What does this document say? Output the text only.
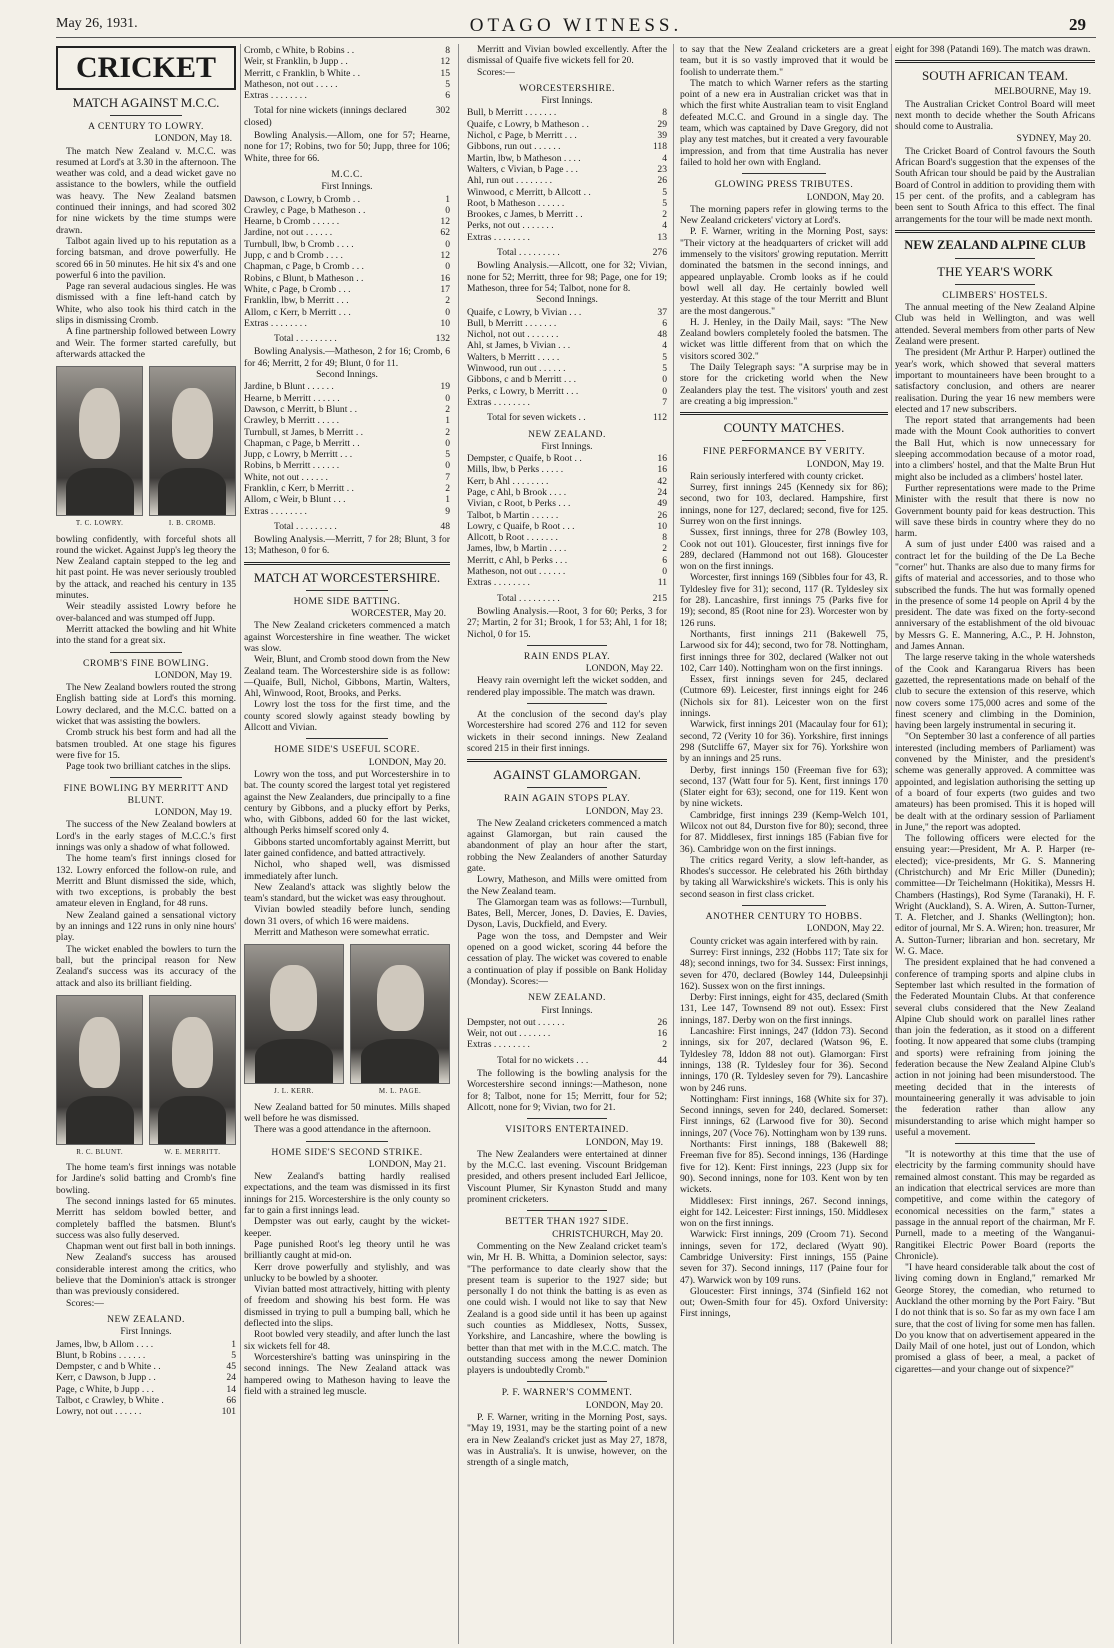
May 26, 1931.	OTAGO WITNESS.	29
CRICKET
MATCH AGAINST M.C.C.
A CENTURY TO LOWRY.
LONDON, May 18.

The match New Zealand v. M.C.C. was resumed at Lord's at 3.30 in the afternoon. The weather was cold, and a dead wicket gave no assistance to the bowlers, while the outfield was heavy. The New Zealand batsmen continued their innings, and had scored 302 for nine wickets by the time stumps were drawn.

Talbot again lived up to his reputation as a forcing batsman, and drove powerfully. He scored 66 in 50 minutes. He hit six 4's and one powerful 6 into the pavilion.

Page ran several audacious singles. He was dismissed with a fine left-hand catch by White, who also took his third catch in the slips in dismissing Cromb.

A fine partnership followed between Lowry and Weir. The former started carefully, but afterwards attacked the

T. C. LOWRY.	I. B. CROMB.

bowling confidently, with forceful shots all round the wicket. Against Jupp's leg theory the New Zealand captain stepped to the leg and hit past point. He was never seriously troubled by the attack, and reached his century in 135 minutes.

Weir steadily assisted Lowry before he over-balanced and was stumped off Jupp.

Merritt attacked the bowling and hit White into the stand for a great six.

CROMB'S FINE BOWLING.
LONDON, May 19.

The New Zealand bowlers routed the strong English batting side at Lord's this morning. Lowry declared, and the M.C.C. batted on a wicket that was assisting the bowlers.

Cromb struck his best form and had all the batsmen troubled. At one stage his figures were five for 15.

Page took two brilliant catches in the slips.

FINE BOWLING BY MERRITT AND BLUNT.
LONDON, May 19.

The success of the New Zealand bowlers at Lord's in the early stages of M.C.C.'s first innings was only a shadow of what followed.

The home team's first innings closed for 132. Lowry enforced the follow-on rule, and Merritt and Blunt dismissed the side, which, with two exceptions, is probably the best amateur eleven in England, for 48 runs.

New Zealand gained a sensational victory by an innings and 122 runs in only nine hours' play.

The wicket enabled the bowlers to turn the ball, but the principal reason for New Zealand's success was its accuracy of the attack and also its brilliant fielding.

R. C. BLUNT.	W. E. MERRITT.

The home team's first innings was notable for Jardine's solid batting and Cromb's fine bowling.

The second innings lasted for 65 minutes. Merritt has seldom bowled better, and completely baffled the batsmen. Blunt's success was also fully deserved.

Chapman went out first ball in both innings.

New Zealand's success has aroused considerable interest among the critics, who believe that the Dominion's attack is stronger than was previously considered.

Scores:—

NEW ZEALAND.
First Innings.
James, lbw, b Allom . . . .	1
Blunt, b Robins . . . . . .	5
Dempster, c and b White . .	45
Kerr, c Dawson, b Jupp . .	24
Page, c White, b Jupp . . .	14
Talbot, c Crawley, b White .	66
Lowry, not out . . . . . .	101
Cromb, c White, b Robins . .	8
Weir, st Franklin, b Jupp . .	12
Merritt, c Franklin, b White . .	15
Matheson, not out . . . . .	5
Extras . . . . . . . .	6
Total for nine wickets (innings declared closed)	302

Bowling Analysis.—Allom, one for 57; Hearne, none for 17; Robins, two for 50; Jupp, three for 106; White, three for 66.

M.C.C.
First Innings.
Dawson, c Lowry, b Cromb . .	1
Crawley, c Page, b Matheson . .	0
Hearne, b Cromb . . . . . .	12
Jardine, not out . . . . . .	62
Turnbull, lbw, b Cromb . . . .	0
Jupp, c and b Cromb . . . .	12
Chapman, c Page, b Cromb . . .	0
Robins, c Blunt, b Matheson . .	16
White, c Page, b Cromb . . .	17
Franklin, lbw, b Merritt . . .	2
Allom, c Kerr, b Merritt . . .	0
Extras . . . . . . . .	10
Total . . . . . . . . .	132

Bowling Analysis.—Matheson, 2 for 16; Cromb, 6 for 46; Merritt, 2 for 49; Blunt, 0 for 11.

Second Innings.
Jardine, b Blunt . . . . . .	19
Hearne, b Merritt . . . . . .	0
Dawson, c Merritt, b Blunt . .	2
Crawley, b Merritt . . . . .	1
Turnbull, st James, b Merritt . .	2
Chapman, c Page, b Merritt . .	0
Jupp, c Lowry, b Merritt . . .	5
Robins, b Merritt . . . . . .	0
White, not out . . . . . .	7
Franklin, c Kerr, b Merritt . .	2
Allom, c Weir, b Blunt . . .	1
Extras . . . . . . . .	9
Total . . . . . . . . .	48

Bowling Analysis.—Merritt, 7 for 28; Blunt, 3 for 13; Matheson, 0 for 6.

MATCH AT WORCESTERSHIRE.
HOME SIDE BATTING.
WORCESTER, May 20.

The New Zealand cricketers commenced a match against Worcestershire in fine weather. The wicket was slow.

Weir, Blunt, and Cromb stood down from the New Zealand team. The Worcestershire side is as follow:—Quaife, Bull, Nichol, Gibbons, Martin, Walters, Ahl, Winwood, Root, Brooks, and Perks.

Lowry lost the toss for the first time, and the county scored slowly against steady bowling by Allcott and Vivian.

HOME SIDE'S USEFUL SCORE.
LONDON, May 20.

Lowry won the toss, and put Worcestershire in to bat. The county scored the largest total yet registered against the New Zealanders, due principally to a fine century by Gibbons, and a plucky effort by Perks, who, with Gibbons, added 60 for the last wicket, although Perks himself scored only 4.

Gibbons started uncomfortably against Merritt, but later gained confidence, and batted attractively.

Nichol, who shaped well, was dismissed immediately after lunch.

New Zealand's attack was slightly below the team's standard, but the wicket was easy throughout.

Vivian bowled steadily before lunch, sending down 31 overs, of which 16 were maidens.

Merritt and Matheson were somewhat erratic.

J. L. KERR.	M. L. PAGE.

New Zealand batted for 50 minutes. Mills shaped well before he was dismissed.

There was a good attendance in the afternoon.

HOME SIDE'S SECOND STRIKE.
LONDON, May 21.

New Zealand's batting hardly realised expectations, and the team was dismissed in its first innings for 215. Worcestershire is the only county so far to gain a first innings lead.

Dempster was out early, caught by the wicket-keeper.

Page punished Root's leg theory until he was brilliantly caught at mid-on.

Kerr drove powerfully and stylishly, and was unlucky to be bowled by a shooter.

Vivian batted most attractively, hitting with plenty of freedom and showing his best form. He was dismissed in trying to pull a bumping ball, which he deflected into the slips.

Root bowled very steadily, and after lunch the last six wickets fell for 48.

Worcestershire's batting was uninspiring in the second innings. The New Zealand attack was hampered owing to Matheson having to leave the field with a strained leg muscle.

Merritt and Vivian bowled excellently. After the dismissal of Quaife five wickets fell for 20.

Scores:—

WORCESTERSHIRE.
First Innings.
Bull, b Merritt . . . . . . .	8
Quaife, c Lowry, b Matheson . .	29
Nichol, c Page, b Merritt . . .	39
Gibbons, run out . . . . . .	118
Martin, lbw, b Matheson . . . .	4
Walters, c Vivian, b Page . . .	23
Ahl, run out . . . . . . . .	26
Winwood, c Merritt, b Allcott . .	5
Root, b Matheson . . . . . .	5
Brookes, c James, b Merritt . .	2
Perks, not out . . . . . . .	4
Extras . . . . . . . .	13
Total . . . . . . . . .	276

Bowling Analysis.—Allcott, one for 32; Vivian, none for 52; Merritt, three for 98; Page, one for 19; Matheson, three for 54; Talbot, none for 8.

Second Innings.
Quaife, c Lowry, b Vivian . . .	37
Bull, b Merritt . . . . . . .	6
Nichol, not out . . . . . . .	48
Ahl, st James, b Vivian . . .	4
Walters, b Merritt . . . . .	5
Winwood, run out . . . . . .	5
Gibbons, c and b Merritt . . .	0
Perks, c Lowry, b Merritt . . .	0
Extras . . . . . . . .	7
Total for seven wickets . .	112
NEW ZEALAND.
First Innings.
Dempster, c Quaife, b Root . .	16
Mills, lbw, b Perks . . . . .	16
Kerr, b Ahl . . . . . . . .	42
Page, c Ahl, b Brook . . . .	24
Vivian, c Root, b Perks . . .	49
Talbot, b Martin . . . . . .	26
Lowry, c Quaife, b Root . . .	10
Allcott, b Root . . . . . . .	8
James, lbw, b Martin . . . .	2
Merritt, c Ahl, b Perks . . .	6
Matheson, not out . . . . . .	0
Extras . . . . . . . .	11
Total . . . . . . . . .	215

Bowling Analysis.—Root, 3 for 60; Perks, 3 for 27; Martin, 2 for 31; Brook, 1 for 53; Ahl, 1 for 18; Nichol, 0 for 15.

RAIN ENDS PLAY.
LONDON, May 22.

Heavy rain overnight left the wicket sodden, and rendered play impossible. The match was drawn.

At the conclusion of the second day's play Worcestershire had scored 276 and 112 for seven wickets in their second innings. New Zealand scored 215 in their first innings.

AGAINST GLAMORGAN.
RAIN AGAIN STOPS PLAY.
LONDON, May 23.

The New Zealand cricketers commenced a match against Glamorgan, but rain caused the abandonment of play an hour after the start, robbing the New Zealanders of another Saturday gate.

Lowry, Matheson, and Mills were omitted from the New Zealand team.

The Glamorgan team was as follows:—Turnbull, Bates, Bell, Mercer, Jones, D. Davies, E. Davies, Dyson, Lavis, Duckfield, and Every.

Page won the toss, and Dempster and Weir opened on a good wicket, scoring 44 before the cessation of play. The wicket was covered to enable a continuation of play if possible on Bank Holiday (Monday). Scores:—

NEW ZEALAND.
First Innings.
Dempster, not out . . . . . .	26
Weir, not out . . . . . . .	16
Extras . . . . . . . .	2
Total for no wickets . . .	44

The following is the bowling analysis for the Worcestershire second innings:—Matheson, none for 8; Talbot, none for 15; Merritt, four for 52; Allcott, none for 9; Vivian, two for 21.

VISITORS ENTERTAINED.
LONDON, May 19.

The New Zealanders were entertained at dinner by the M.C.C. last evening. Viscount Bridgeman presided, and others present included Earl Jellicoe, Viscount Plumer, Sir Kynaston Studd and many prominent cricketers.

BETTER THAN 1927 SIDE.
CHRISTCHURCH, May 20.

Commenting on the New Zealand cricket team's win, Mr H. B. Whitta, a Dominion selector, says: "The performance to date clearly show that the present team is superior to the 1927 side; but personally I do not think the batting is as even as one could wish. I would not like to say that New Zealand is a good side until it has been up against such counties as Middlesex, Notts, Sussex, Yorkshire, and Lancashire, where the bowling is better than that met with in the M.C.C. match. The outstanding success among the newer Dominion players is undoubtedly Cromb."

P. F. WARNER'S COMMENT.
LONDON, May 20.

P. F. Warner, writing in the Morning Post, says. "May 19, 1931, may be the starting point of a new era in New Zealand's cricket just as May 27, 1878, was in Australia's. It is unwise, however, on the strength of a single match,

to say that the New Zealand cricketers are a great team, but it is so vastly improved that it would be foolish to underrate them."

The match to which Warner refers as the starting point of a new era in Australian cricket was that in which the first white Australian team to visit England defeated M.C.C. and Ground in a single day. The team, which was captained by Dave Gregory, did not play any test matches, but it created a very favourable impression, and from that time Australia has never failed to hold her own with England.

GLOWING PRESS TRIBUTES.
LONDON, May 20.

The morning papers refer in glowing terms to the New Zealand cricketers' victory at Lord's.

P. F. Warner, writing in the Morning Post, says: "Their victory at the headquarters of cricket will add immensely to the visitors' growing reputation. Merritt dominated the batsmen in the second innings, and appeared unplayable. Cromb looks as if he could bowl well all day. He certainly bowled well yesterday. At this stage of the tour Merritt and Blunt are the most dangerous."

H. J. Henley, in the Daily Mail, says: "The New Zealand bowlers completely fooled the batsmen. The wicket was little different from that on which the visitors scored 302."

The Daily Telegraph says: "A surprise may be in store for the cricketing world when the New Zealanders play the test. The visitors' youth and zest are creating a big impression."

COUNTY MATCHES.
FINE PERFORMANCE BY VERITY.
LONDON, May 19.

Rain seriously interfered with county cricket.

Surrey, first innings 245 (Kennedy six for 86); second, two for 103, declared. Hampshire, first innings, none for 127, declared; second, five for 125. Surrey won on the first innings.

Sussex, first innings, three for 278 (Bowley 103, Cook not out 101). Gloucester, first innings five for 289, declared (Hammond not out 168). Gloucester won on the first innings.

Worcester, first innings 169 (Sibbles four for 43, R. Tyldesley five for 31); second, 117 (R. Tyldesley six for 28). Lancashire, first innings 75 (Parks five for 19); second, 85 (Root nine for 23). Worcester won by 126 runs.

Northants, first innings 211 (Bakewell 75, Larwood six for 44); second, two for 78. Nottingham, first innings three for 302, declared (Walker not out 102, Carr 140). Nottingham won on the first innings.

Essex, first innings seven for 245, declared (Cutmore 69). Leicester, first innings eight for 246 (Nichols six for 81). Leicester won on the first innings.

Warwick, first innings 201 (Macaulay four for 61); second, 72 (Verity 10 for 36). Yorkshire, first innings 298 (Sutcliffe 67, Mayer six for 76). Yorkshire won by an innings and 25 runs.

Derby, first innings 150 (Freeman five for 63); second, 137 (Watt four for 5). Kent, first innings 170 (Slater eight for 63); second, one for 119. Kent won by nine wickets.

Cambridge, first innings 239 (Kemp-Welch 101, Wilcox not out 84, Durston five for 80); second, three for 87. Middlesex, first innings 185 (Fabian five for 36). Cambridge won on the first innings.

The critics regard Verity, a slow left-hander, as Rhodes's successor. He celebrated his 26th birthday by taking all Warwickshire's wickets. This is only his second season in first class cricket.

ANOTHER CENTURY TO HOBBS.
LONDON, May 22.

County cricket was again interfered with by rain.

Surrey: First innings, 232 (Hobbs 117; Tate six for 48); second innings, two for 34. Sussex: First innings, seven for 470, declared (Bowley 144, Duleepsinhji 162). Sussex won on the first innings.

Derby: First innings, eight for 435, declared (Smith 131, Lee 147, Townsend 89 not out). Essex: First innings, 187. Derby won on the first innings.

Lancashire: First innings, 247 (Iddon 73). Second innings, six for 207, declared (Watson 96, E. Tyldesley 78, Iddon 88 not out). Glamorgan: First innings, 138 (R. Tyldesley four for 36). Second innings, 170 (R. Tyldesley seven for 79). Lancashire won by 246 runs.

Nottingham: First innings, 168 (White six for 37). Second innings, seven for 240, declared. Somerset: First innings, 62 (Larwood five for 30). Second innings, 207 (Voce 76). Nottingham won by 139 runs.

Northants: First innings, 188 (Bakewell 88; Freeman five for 85). Second innings, 136 (Hardinge five for 12). Kent: First innings, 223 (Jupp six for 90). Second innings, none for 103. Kent won by ten wickets.

Middlesex: First innings, 267. Second innings, eight for 142. Leicester: First innings, 150. Middlesex won on the first innings.

Warwick: First innings, 209 (Croom 71). Second innings, seven for 172, declared (Wyatt 90). Cambridge University: First innings, 155 (Paine seven for 37). Second innings, 117 (Paine four for 47). Warwick won by 109 runs.

Gloucester: First innings, 374 (Sinfield 162 not out; Owen-Smith four for 45). Oxford University: First innings,

eight for 398 (Patandi 169). The match was drawn.

SOUTH AFRICAN TEAM.
MELBOURNE, May 19.

The Australian Cricket Control Board will meet next month to decide whether the South Africans should come to Australia.

SYDNEY, May 20.

The Cricket Board of Control favours the South African Board's suggestion that the expenses of the South African tour should be paid by the Australian Board of Control in addition to providing them with 15 per cent. of the profits, and a cablegram has been sent to South Africa to this effect. The final arrangements for the tour will be made next month.

NEW ZEALAND ALPINE CLUB
THE YEAR'S WORK
CLIMBERS' HOSTELS.

The annual meeting of the New Zealand Alpine Club was held in Wellington, and was well attended. Several members from other parts of New Zealand were present.

The president (Mr Arthur P. Harper) outlined the year's work, which showed that several matters important to mountaineers have been brought to a satisfactory conclusion, and others are nearer realisation. During the year 16 new members were elected and 17 new subscribers.

The report stated that arrangements had been made with the Mount Cook authorities to convert the Ball Hut, which is now unnecessary for sleeping accommodation because of a motor road, into a climbers' hostel, and that the Malte Brun Hut might also be included as a climbers' hostel later.

Further representations were made to the Prime Minister with the result that there is now no Government bounty paid for keas destruction. This will save these birds in country where they do no harm.

A sum of just under £400 was raised and a contract let for the building of the De La Beche "corner" hut. Thanks are also due to many firms for gifts of material and accessories, and to those who subscribed the funds. The hut was formally opened in the presence of some 14 people on April 4 by the president. The date was fixed on the forty-second anniversary of the establishment of the old bivouac by Messrs G. E. Mannering, A.C., P. H. Johnston, and James Annan.

The large reserve taking in the whole watersheds of the Cook and Karangarua Rivers has been gazetted, the representations made on behalf of the club to secure the extension of this reserve, which now covers some 175,000 acres and some of the finest scenery and climbing in the Dominion, having been largely instrumental in securing it.

"On September 30 last a conference of all parties interested (including members of Parliament) was convened by the Minister, and the president's scheme was generally approved. A committee was appointed, and legislation authorising the setting up of a board of four experts (two guides and two amateurs) has been promised. This it is hoped will be dealt with at the ordinary session of Parliament in June," the report was adopted.

The following officers were elected for the ensuing year:—President, Mr A. P. Harper (re-elected); vice-presidents, Mr G. S. Mannering (Christchurch) and Mr Eric Miller (Dunedin); committee—Dr Teichelmann (Hokitika), Messrs H. Chambers (Hastings), Rod Syme (Taranaki), H. F. Wright (Auckland), S. A. Wiren, A. Sutton-Turner, T. A. Fletcher, and J. Shanks (Wellington); hon. editor of journal, Mr S. A. Wiren; hon. treasurer, Mr A. Sutton-Turner; librarian and hon. secretary, Mr W. G. Mace.

The president explained that he had convened a conference of tramping sports and alpine clubs in September last which resulted in the formation of the Federated Mountain Clubs. At that conference several clubs considered that the New Zealand Alpine Club should work on parallel lines rather than join the federation, as it stood on a different footing. It now appeared that some clubs (tramping and sports) were refraining from joining the federation because the New Zealand Alpine Club's action in not joining had been misunderstood. The meeting decided that in the interests of mountaineering generally it was advisable to join the federation rather than allow any misunderstanding to arise which might hamper so useful a movement.

"It is noteworthy at this time that the use of electricity by the farming community should have remained almost constant. This may be regarded as an indication that electrical services are more than competitive, and come within the category of economical necessities on the farm," states a passage in the annual report of the chairman, Mr F. Purnell, made to a meeting of the Wanganui-Rangitikei Electric Power Board (reports the Chronicle).

"I have heard considerable talk about the cost of living coming down in England," remarked Mr George Storey, the comedian, who returned to Auckland the other morning by the Port Fairy. "But I do not think that is so. So far as my own face I am sure, that the cost of living for some men has fallen. Do you know that on advertisement appeared in the Daily Mail of one hotel, just out of London, which promised a glass of beer, a meal, a packet of cigarettes—and your change out of sixpence?"
